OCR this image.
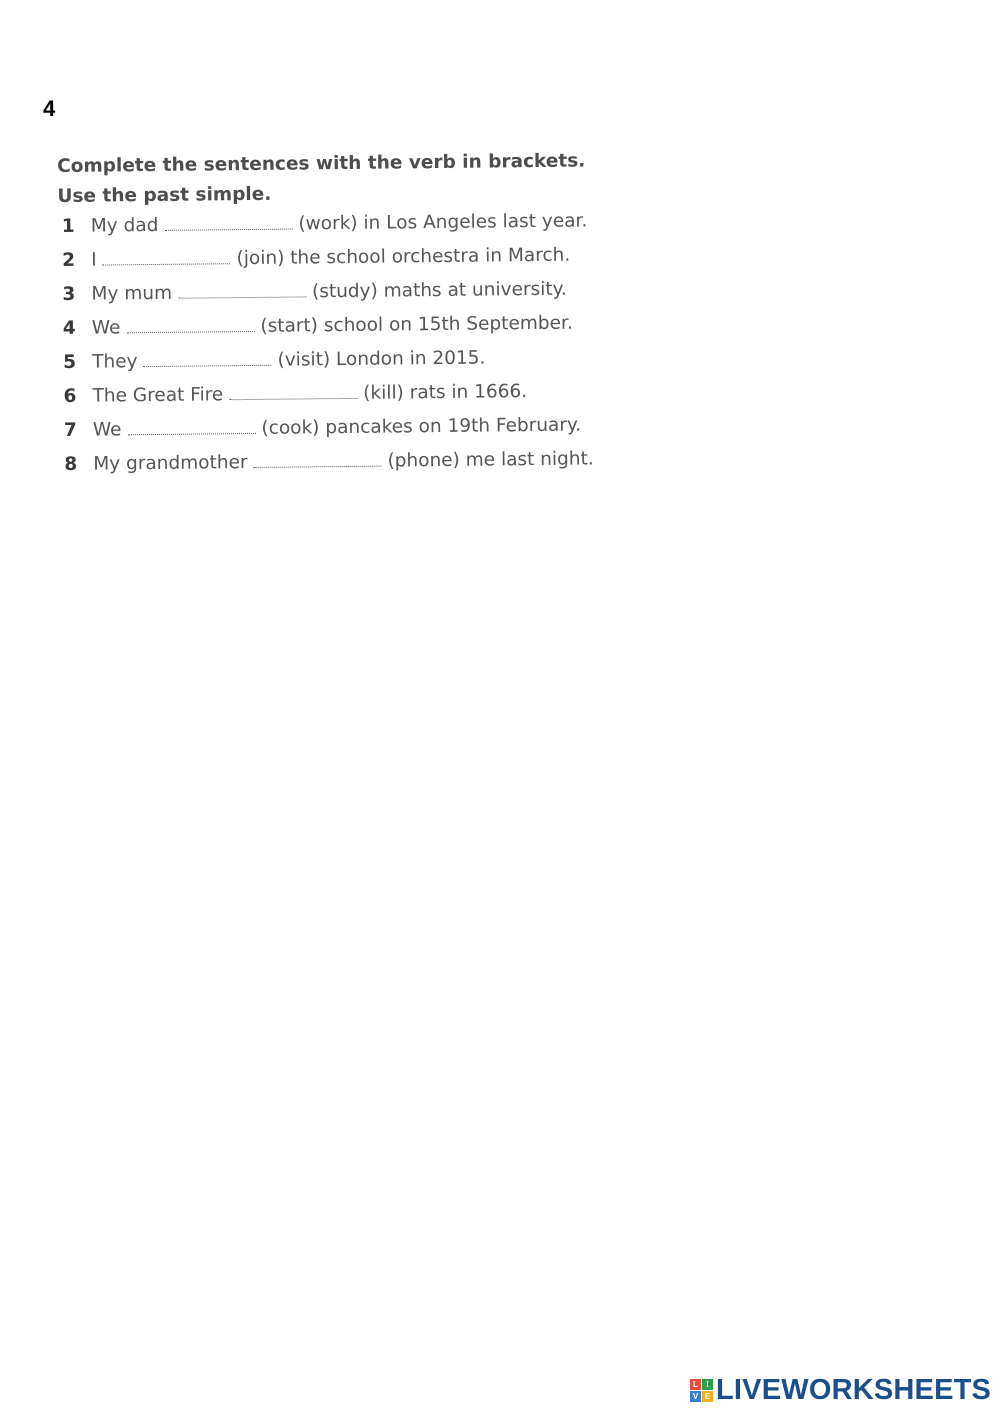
4
Complete the sentences with the verb in brackets. Use the past simple.
1 My dad	(work) in Los Angeles last year.
2 I	(join) the school orchestra in March.
3 My mum	(study) maths at university.
4 We	(start) school on 15th September.
5 They	(visit) London in 2015.
6 The Great Fire	(kill) rats in 1666.
7 We	(cook) pancakes on 19th February.
8 My grandmother	(phone) me last night.
L	I
V E LIVEWORKSHEETS
